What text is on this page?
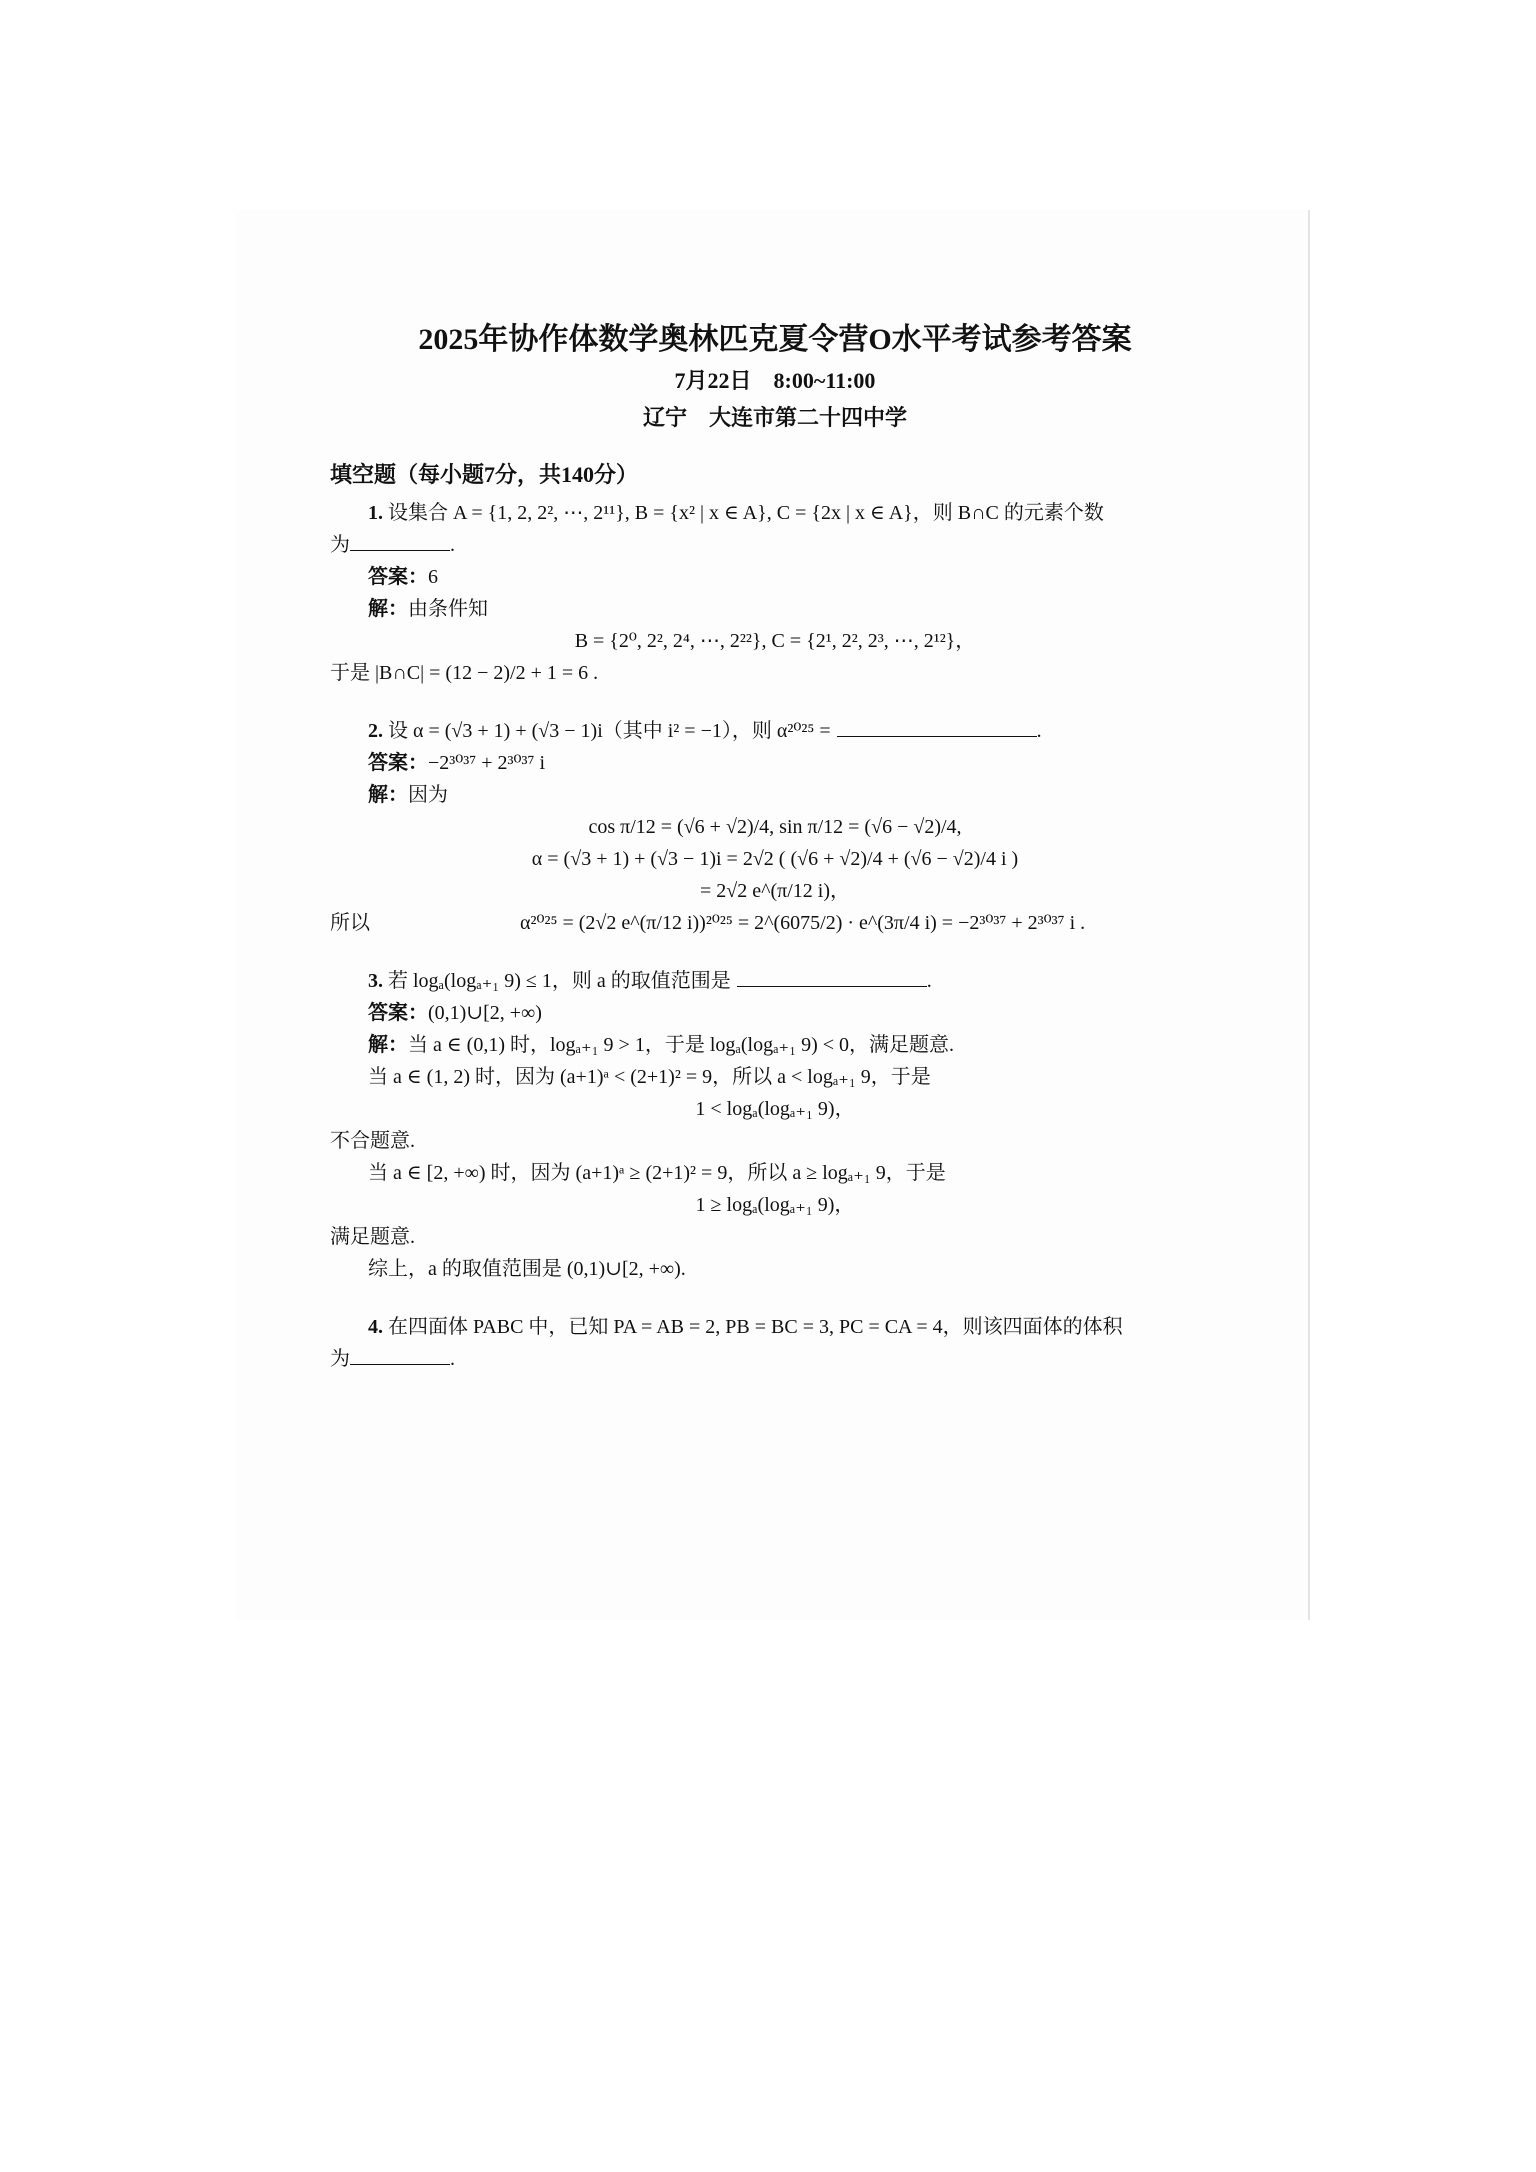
2025年协作体数学奥林匹克夏令营O水平考试参考答案
7月22日　8:00~11:00
辽宁　大连市第二十四中学
填空题（每小题7分，共140分）
1. 设集合 A = {1, 2, 2², ⋯, 2¹¹}, B = {x² | x ∈ A}, C = {2x | x ∈ A}，则 B∩C 的元素个数
为	.
答案：6
解：由条件知
B = {2⁰, 2², 2⁴, ⋯, 2²²}, C = {2¹, 2², 2³, ⋯, 2¹²}，
于是 |B∩C| = (12 − 2)/2 + 1 = 6 .
2. 设 α = (√3 + 1) + (√3 − 1)i（其中 i² = −1），则 α²⁰²⁵ =	.
答案：−2³⁰³⁷ + 2³⁰³⁷ i
解：因为
cos π/12 = (√6 + √2)/4, sin π/12 = (√6 − √2)/4,
α = (√3 + 1) + (√3 − 1)i = 2√2 ( (√6 + √2)/4 + (√6 − √2)/4 i )
= 2√2 e^(π/12 i)，
所以	α²⁰²⁵ = (2√2 e^(π/12 i))²⁰²⁵ = 2^(6075/2) · e^(3π/4 i) = −2³⁰³⁷ + 2³⁰³⁷ i .
3. 若 logₐ(logₐ₊₁ 9) ≤ 1，则 a 的取值范围是	.
答案：(0,1)∪[2, +∞)
解：当 a ∈ (0,1) 时，logₐ₊₁ 9 > 1，于是 logₐ(logₐ₊₁ 9) < 0，满足题意.
当 a ∈ (1, 2) 时，因为 (a+1)ᵃ < (2+1)² = 9，所以 a < logₐ₊₁ 9，于是
1 < logₐ(logₐ₊₁ 9)，
不合题意.
当 a ∈ [2, +∞) 时，因为 (a+1)ᵃ ≥ (2+1)² = 9，所以 a ≥ logₐ₊₁ 9，于是
1 ≥ logₐ(logₐ₊₁ 9)，
满足题意.
综上，a 的取值范围是 (0,1)∪[2, +∞).
4. 在四面体 PABC 中，已知 PA = AB = 2, PB = BC = 3, PC = CA = 4，则该四面体的体积
为	.
